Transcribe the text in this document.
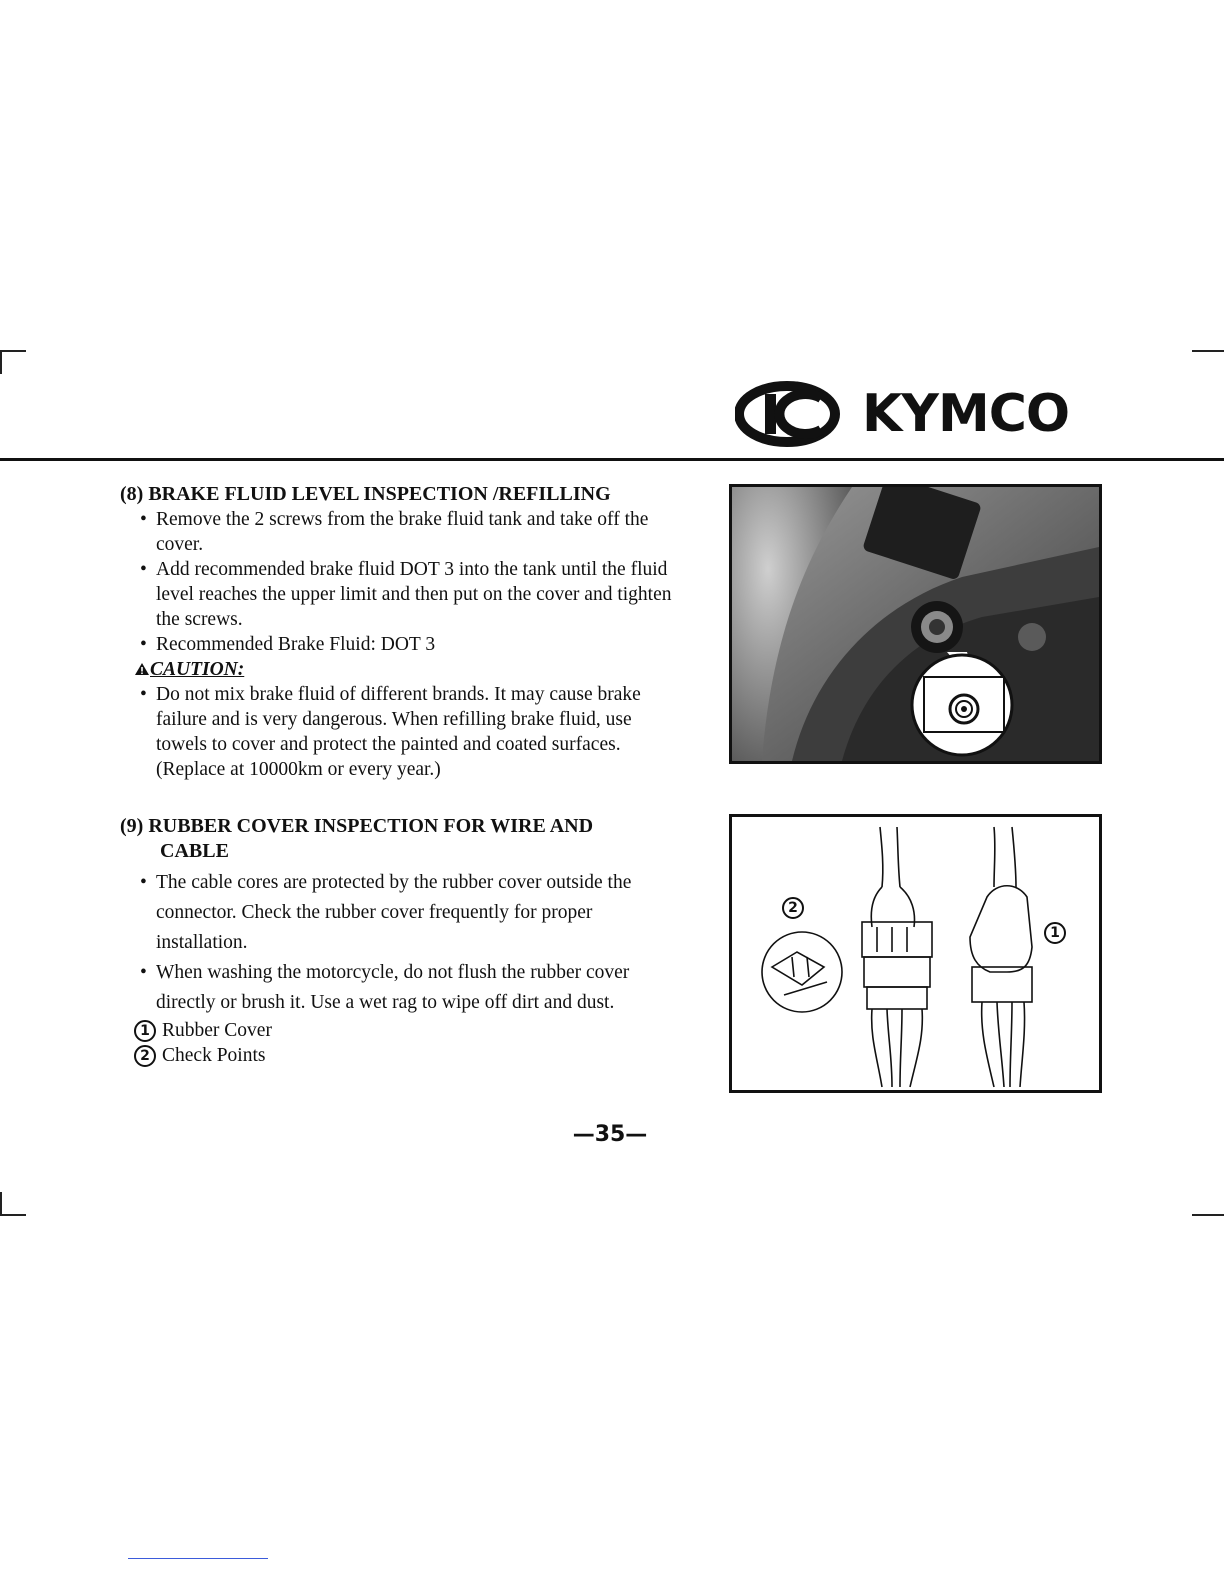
KYMCO
(8) BRAKE FLUID LEVEL INSPECTION /REFILLING
• Remove the 2 screws from the brake fluid tank and take off the cover.
• Add recommended brake fluid DOT 3 into the tank until the fluid level reaches the upper limit and then put on the cover and tighten the screws.
• Recommended Brake Fluid: DOT 3
CAUTION:
• Do not mix brake fluid of different brands. It may cause brake failure and is very dangerous. When refilling brake fluid, use towels to cover and protect the painted and coated surfaces. (Replace at 10000km or every year.)
(9) RUBBER COVER INSPECTION FOR WIRE AND
CABLE
• The cable cores are protected by the rubber cover outside the connector. Check the rubber cover frequently for proper installation.
• When washing the motorcycle, do not flush the rubber cover directly or brush it. Use a wet rag to wipe off dirt and dust.
1 Rubber Cover
2 Check Points
2
1
—35—
